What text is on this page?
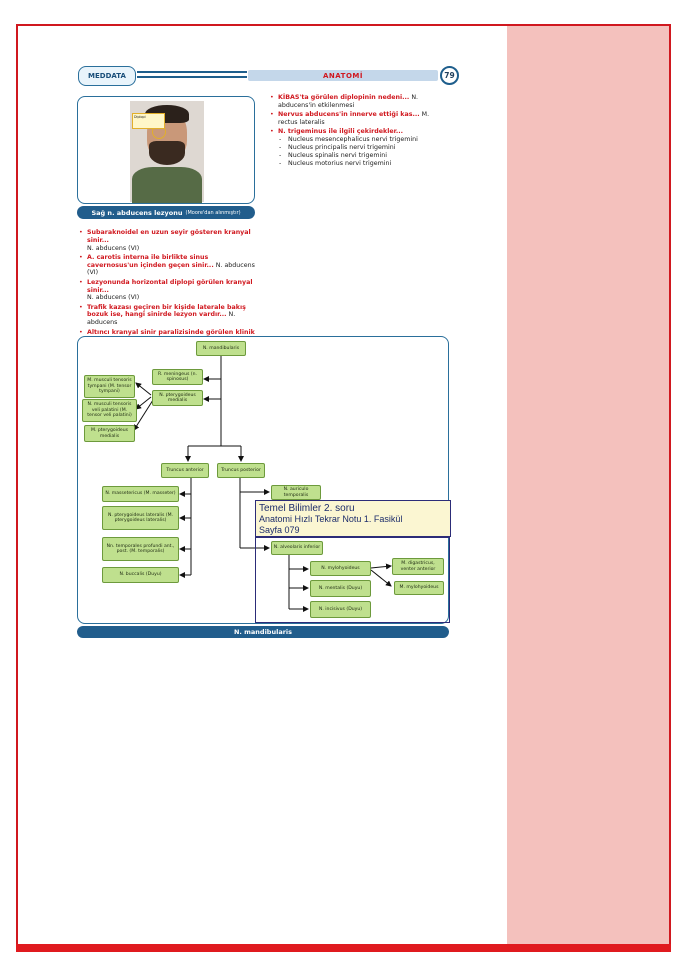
MEDDATA	ANATOMİ	79
Diplopi
Sağ n. abducens lezyonu (Moore'dan alınmıştır)
• Subaraknoidel en uzun seyir gösteren kranyal sinir...
N. abducens (VI)
• A. carotis interna ile birlikte sinus cavernosus'un içinden geçen sinir... N. abducens (VI)
• Lezyonunda horizontal diplopi görülen kranyal sinir...
N. abducens (VI)
• Trafik kazası geçiren bir kişide laterale bakış bozuk ise, hangi sinirde lezyon vardır... N. abducens
• Altıncı kranyal sinir paralizisinde görülen klinik
• KİBAS'ta görülen diplopinin nedeni... N. abducens'in etkilenmesi
• Nervus abducens'in innerve ettiği kas... M. rectus lateralis
• N. trigeminus ile ilgili çekirdekler...
- Nucleus mesencephalicus nervi trigemini
- Nucleus principalis nervi trigemini
- Nucleus spinalis nervi trigemini
- Nucleus motorius nervi trigemini
N. mandibularis
R. meningeus (n. spinosus)
N. pterygoideus medialis
M. musculi tensoris tympani (M. tensor tympani)
N. musculi tensoris veli palatini (M. tensor veli palatini)
M. pterygoideus medialis
Truncus anterior	Truncus posterior
N. massetericus (M. masseter)
N. pterygoideus lateralis (M. pterygoideus lateralis)
Nn. temporales profundi ant., post. (M. temporalis)
N. buccalis (Duyu)
N. auriculo temporalis
N. alveolaris inferior
N. mylohyoideus
N. mentalis (Duyu)
N. incisivus (Duyu)
M. digastricus, venter anterior
M. mylohyoideus
Temel Bilimler 2. soru
Anatomi Hızlı Tekrar Notu 1. Fasikül
Sayfa 079
N. mandibularis
